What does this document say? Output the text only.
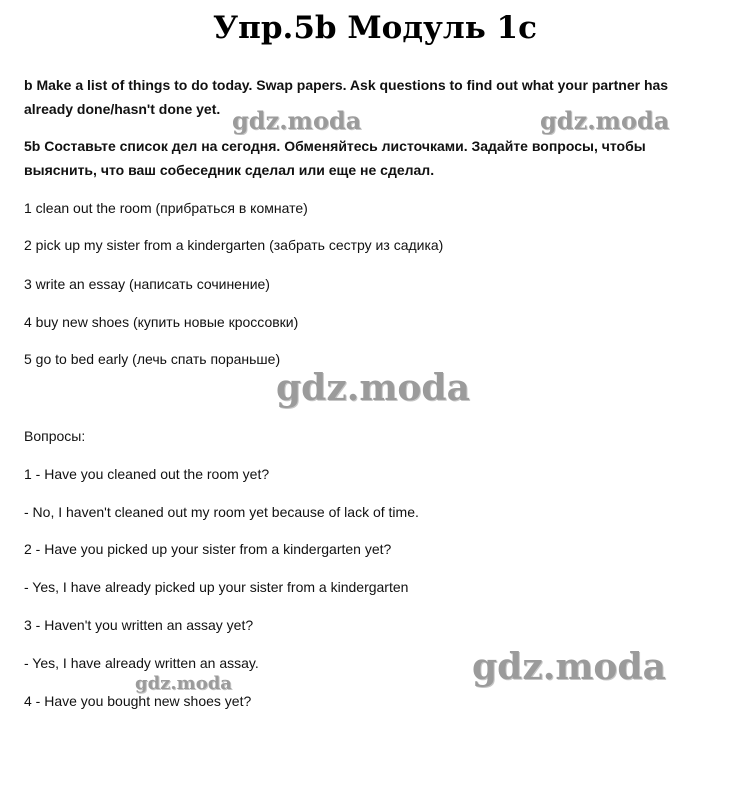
Упр.5b Модуль 1с
b Make a list of things to do today. Swap papers. Ask questions to find out what your partner has
already done/hasn't done yet.
5b Составьте список дел на сегодня. Обменяйтесь листочками. Задайте вопросы, чтобы
выяснить, что ваш собеседник сделал или еще не сделал.
1 clean out the room (прибраться в комнате)
2 pick up my sister from a kindergarten (забрать сестру из садика)
3 write an essay (написать сочинение)
4 buy new shoes (купить новые кроссовки)
5 go to bed early (лечь спать пораньше)
Вопросы:
1 - Have you cleaned out the room yet?
- No, I haven't cleaned out my room yet because of lack of time.
2 - Have you picked up your sister from a kindergarten yet?
- Yes, I have already picked up your sister from a kindergarten
3 - Haven't you written an assay yet?
- Yes, I have already written an assay.
4 - Have you bought new shoes yet?
gdz.moda	gdz.moda
gdz.moda
gdz.moda
gdz.moda
